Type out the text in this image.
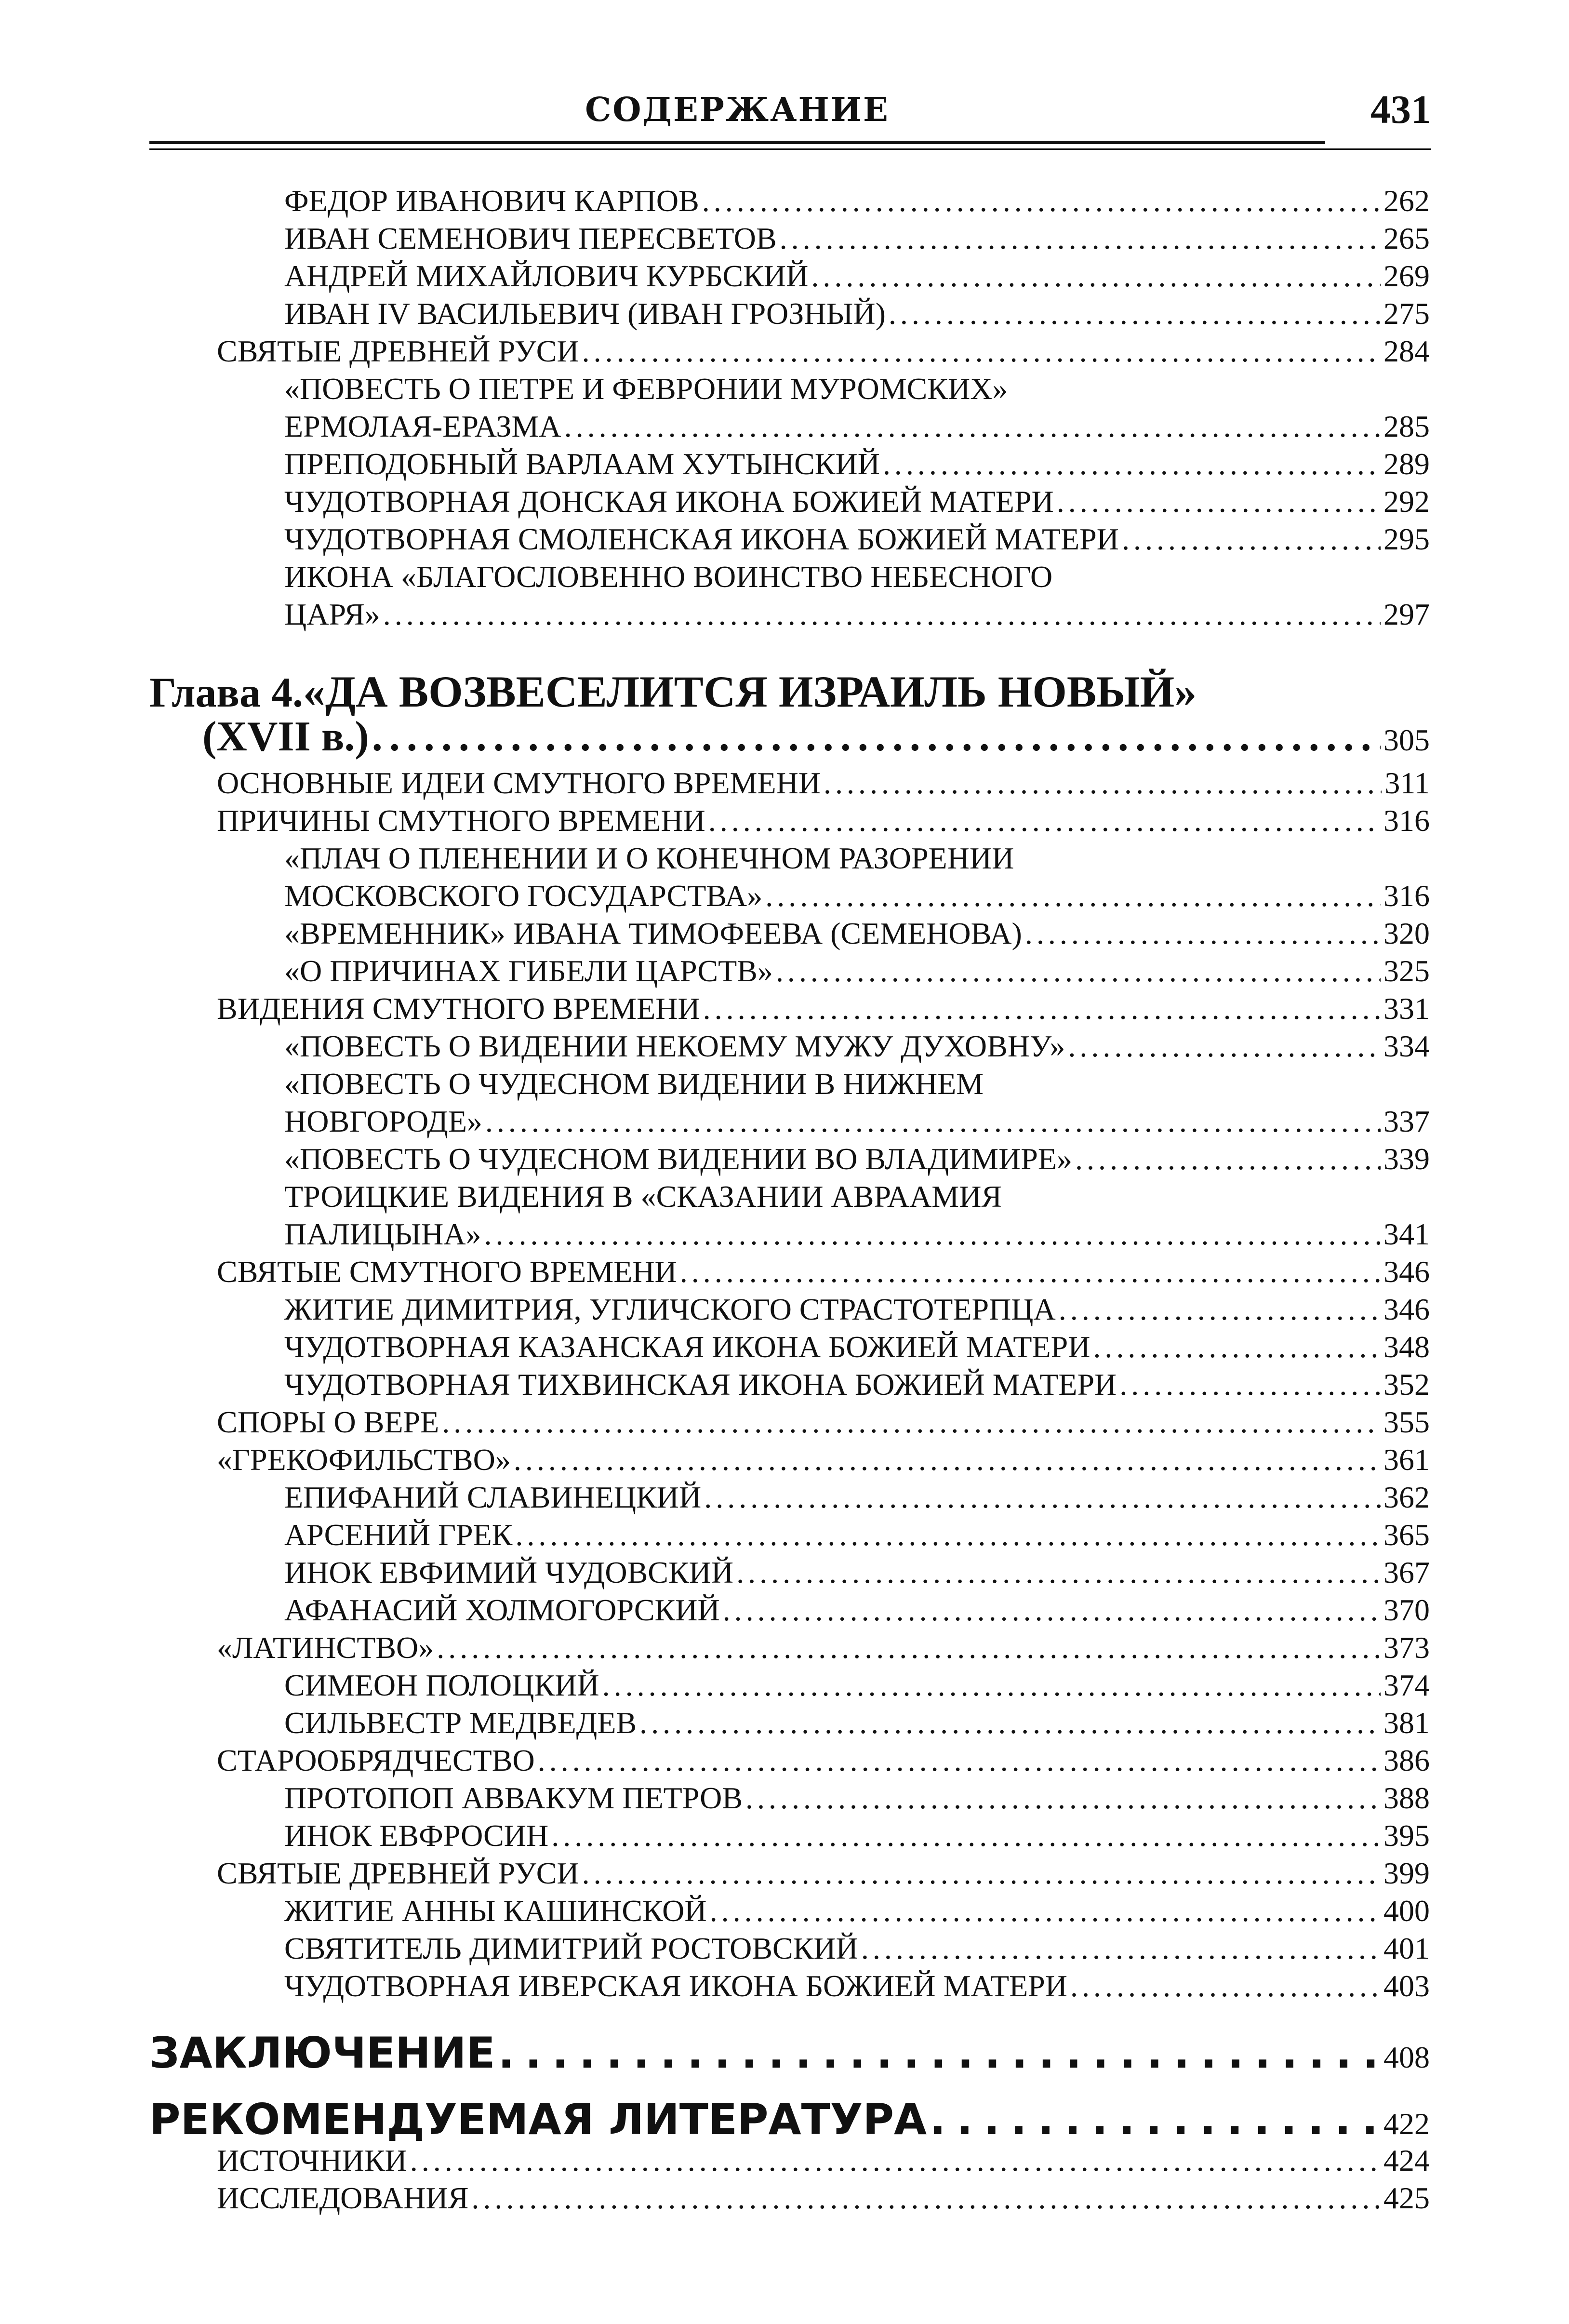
СОДЕРЖАНИЕ	431
ФЕДОР ИВАНОВИЧ КАРПОВ . . .	262
ИВАН СЕМЕНОВИЧ ПЕРЕСВЕТОВ . . .	265
АНДРЕЙ МИХАЙЛОВИЧ КУРБСКИЙ . . .	269
ИВАН IV ВАСИЛЬЕВИЧ (ИВАН ГРОЗНЫЙ) . . .	275
СВЯТЫЕ ДРЕВНЕЙ РУСИ . . .	284
«ПОВЕСТЬ О ПЕТРЕ И ФЕВРОНИИ МУРОМСКИХ»
ЕРМОЛАЯ-ЕРАЗМА . . .	285
ПРЕПОДОБНЫЙ ВАРЛААМ ХУТЫНСКИЙ . . .	289
ЧУДОТВОРНАЯ ДОНСКАЯ ИКОНА БОЖИЕЙ МАТЕРИ . . .	292
ЧУДОТВОРНАЯ СМОЛЕНСКАЯ ИКОНА БОЖИЕЙ МАТЕРИ . . .	295
ИКОНА «БЛАГОСЛОВЕННО ВОИНСТВО НЕБЕСНОГО
ЦАРЯ» . . .	297
Глава 4.«ДА ВОЗВЕСЕЛИТСЯ ИЗРАИЛЬ НОВЫЙ»
(XVII в.) . . .	305
ОСНОВНЫЕ ИДЕИ СМУТНОГО ВРЕМЕНИ . . .	311
ПРИЧИНЫ СМУТНОГО ВРЕМЕНИ . . .	316
«ПЛАЧ О ПЛЕНЕНИИ И О КОНЕЧНОМ РАЗОРЕНИИ
МОСКОВСКОГО ГОСУДАРСТВА» . . .	316
«ВРЕМЕННИК» ИВАНА ТИМОФЕЕВА (СЕМЕНОВА) . . .	320
«О ПРИЧИНАХ ГИБЕЛИ ЦАРСТВ» . . .	325
ВИДЕНИЯ СМУТНОГО ВРЕМЕНИ . . .	331
«ПОВЕСТЬ О ВИДЕНИИ НЕКОЕМУ МУЖУ ДУХОВНУ» . . .	334
«ПОВЕСТЬ О ЧУДЕСНОМ ВИДЕНИИ В НИЖНЕМ
НОВГОРОДЕ» . . .	337
«ПОВЕСТЬ О ЧУДЕСНОМ ВИДЕНИИ ВО ВЛАДИМИРЕ» . . .	339
ТРОИЦКИЕ ВИДЕНИЯ В «СКАЗАНИИ АВРААМИЯ
ПАЛИЦЫНА» . . .	341
СВЯТЫЕ СМУТНОГО ВРЕМЕНИ . . .	346
ЖИТИЕ ДИМИТРИЯ, УГЛИЧСКОГО СТРАСТОТЕРПЦА . . .	346
ЧУДОТВОРНАЯ КАЗАНСКАЯ ИКОНА БОЖИЕЙ МАТЕРИ . . .	348
ЧУДОТВОРНАЯ ТИХВИНСКАЯ ИКОНА БОЖИЕЙ МАТЕРИ . . .	352
СПОРЫ О ВЕРЕ . . .	355
«ГРЕКОФИЛЬСТВО» . . .	361
ЕПИФАНИЙ СЛАВИНЕЦКИЙ . . .	362
АРСЕНИЙ ГРЕК . . .	365
ИНОК ЕВФИМИЙ ЧУДОВСКИЙ . . .	367
АФАНАСИЙ ХОЛМОГОРСКИЙ . . .	370
«ЛАТИНСТВО» . . .	373
СИМЕОН ПОЛОЦКИЙ . . .	374
СИЛЬВЕСТР МЕДВЕДЕВ . . .	381
СТАРООБРЯДЧЕСТВО . . .	386
ПРОТОПОП АВВАКУМ ПЕТРОВ . . .	388
ИНОК ЕВФРОСИН . . .	395
СВЯТЫЕ ДРЕВНЕЙ РУСИ . . .	399
ЖИТИЕ АННЫ КАШИНСКОЙ . . .	400
СВЯТИТЕЛЬ ДИМИТРИЙ РОСТОВСКИЙ . . .	401
ЧУДОТВОРНАЯ ИВЕРСКАЯ ИКОНА БОЖИЕЙ МАТЕРИ . . .	403
ЗАКЛЮЧЕНИЕ . . .	408
РЕКОМЕНДУЕМАЯ ЛИТЕРАТУРА . . .	422
ИСТОЧНИКИ . . .	424
ИССЛЕДОВАНИЯ . . .	425
